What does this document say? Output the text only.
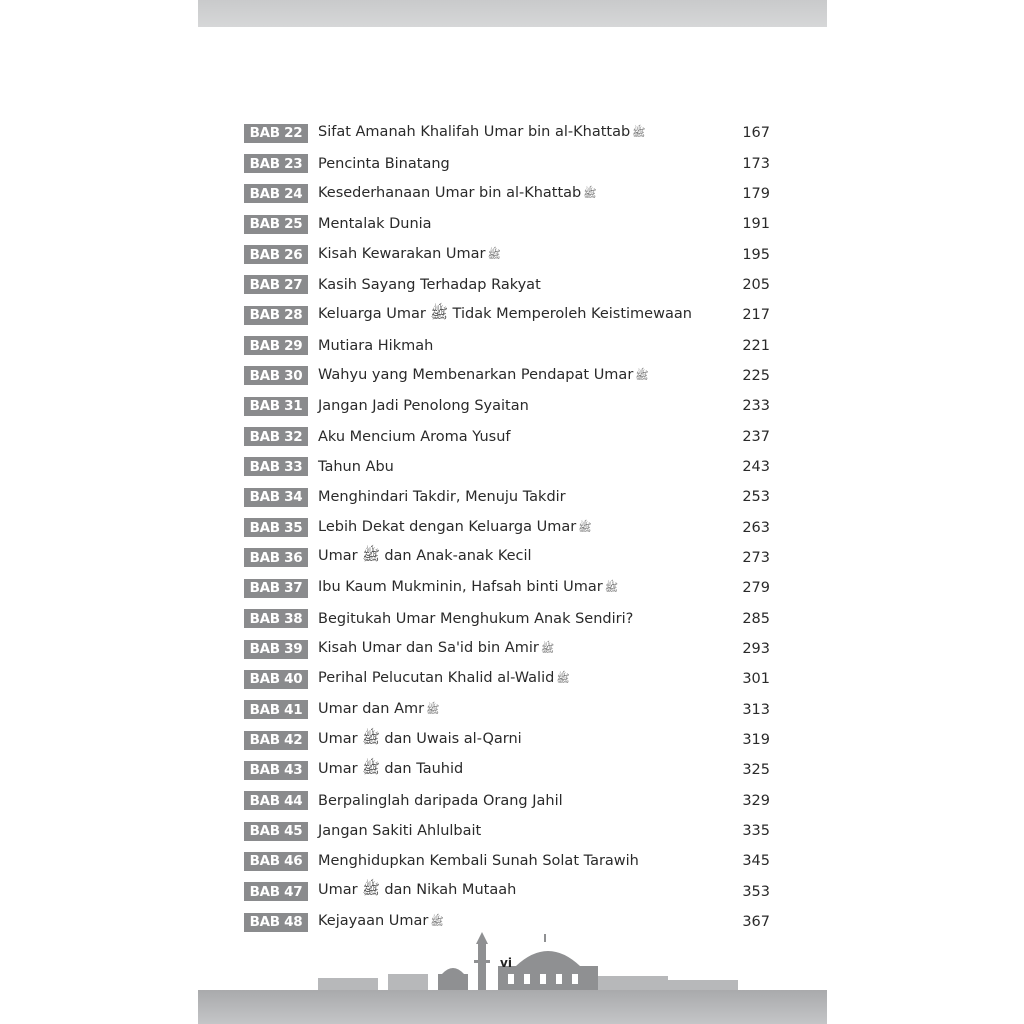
BAB 22	Sifat Amanah Khalifah Umar bin al-Khattab ﷺ	167
BAB 23	Pencinta Binatang	173
BAB 24	Kesederhanaan Umar bin al-Khattab ﷺ	179
BAB 25	Mentalak Dunia	191
BAB 26	Kisah Kewarakan Umar ﷺ	195
BAB 27	Kasih Sayang Terhadap Rakyat	205
BAB 28	Keluarga Umar ﷺ Tidak Memperoleh Keistimewaan	217
BAB 29	Mutiara Hikmah	221
BAB 30	Wahyu yang Membenarkan Pendapat Umar ﷺ	225
BAB 31	Jangan Jadi Penolong Syaitan	233
BAB 32	Aku Mencium Aroma Yusuf	237
BAB 33	Tahun Abu	243
BAB 34	Menghindari Takdir, Menuju Takdir	253
BAB 35	Lebih Dekat dengan Keluarga Umar ﷺ	263
BAB 36	Umar ﷺ dan Anak-anak Kecil	273
BAB 37	Ibu Kaum Mukminin, Hafsah binti Umar ﷺ	279
BAB 38	Begitukah Umar Menghukum Anak Sendiri?	285
BAB 39	Kisah Umar dan Sa'id bin Amir ﷺ	293
BAB 40	Perihal Pelucutan Khalid al-Walid ﷺ	301
BAB 41	Umar dan Amr ﷺ	313
BAB 42	Umar ﷺ dan Uwais al-Qarni	319
BAB 43	Umar ﷺ dan Tauhid	325
BAB 44	Berpalinglah daripada Orang Jahil	329
BAB 45	Jangan Sakiti Ahlulbait	335
BAB 46	Menghidupkan Kembali Sunah Solat Tarawih	345
BAB 47	Umar ﷺ dan Nikah Mutaah	353
BAB 48	Kejayaan Umar ﷺ	367
vi
